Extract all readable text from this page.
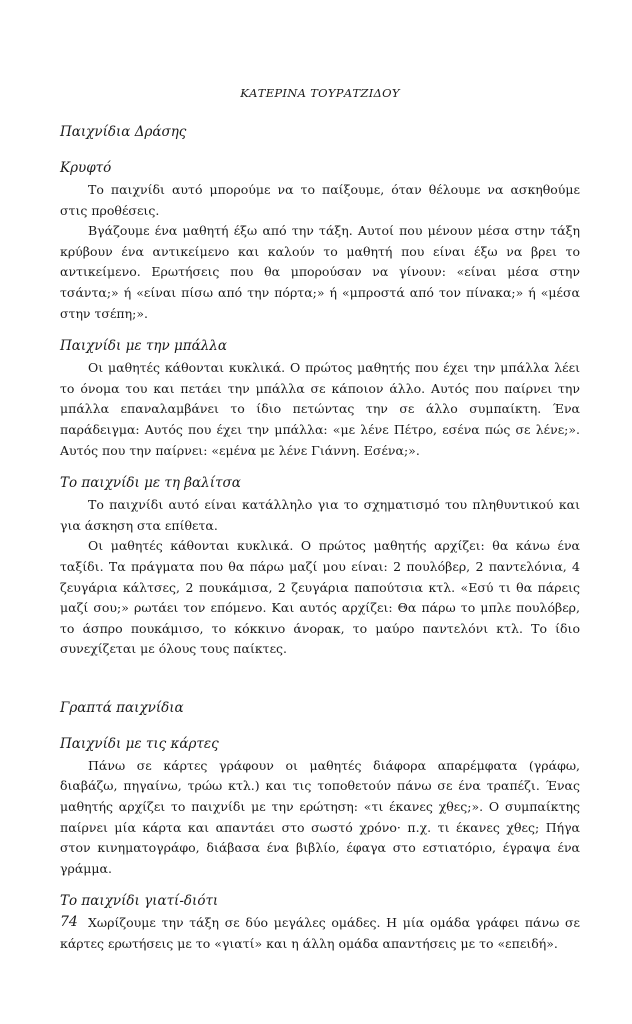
ΚΑΤΕΡΙΝΑ ΤΟΥΡΑΤΖΙΔΟΥ
Παιχνίδια Δράσης
Κρυφτό

Το παιχνίδι αυτό μπορούμε να το παίξουμε, όταν θέλουμε να ασκηθούμε στις προθέσεις.

Βγάζουμε ένα μαθητή έξω από την τάξη. Αυτοί που μένουν μέσα στην τάξη κρύβουν ένα αντικείμενο και καλούν το μαθητή που είναι έξω να βρει το αντικείμενο. Ερωτήσεις που θα μπορούσαν να γίνουν: «είναι μέσα στην τσάντα;» ή «είναι πίσω από την πόρτα;» ή «μπροστά από τον πίνακα;» ή «μέσα στην τσέπη;».

Παιχνίδι με την μπάλλα

Οι μαθητές κάθονται κυκλικά. Ο πρώτος μαθητής που έχει την μπάλλα λέει το όνομα του και πετάει την μπάλλα σε κάποιον άλλο. Αυτός που παίρνει την μπάλλα επαναλαμβάνει το ίδιο πετώντας την σε άλλο συμπαίκτη. Ένα παράδειγμα: Αυτός που έχει την μπάλλα: «με λένε Πέτρο, εσένα πώς σε λένε;». Αυτός που την παίρνει: «εμένα με λένε Γιάννη. Εσένα;».

Το παιχνίδι με τη βαλίτσα

Το παιχνίδι αυτό είναι κατάλληλο για το σχηματισμό του πληθυντικού και για άσκηση στα επίθετα.

Οι μαθητές κάθονται κυκλικά. Ο πρώτος μαθητής αρχίζει: θα κάνω ένα ταξίδι. Τα πράγματα που θα πάρω μαζί μου είναι: 2 πουλόβερ, 2 παντελόνια, 4 ζευγάρια κάλτσες, 2 πουκάμισα, 2 ζευγάρια παπούτσια κτλ. «Εσύ τι θα πάρεις μαζί σου;» ρωτάει τον επόμενο. Και αυτός αρχίζει: Θα πάρω το μπλε πουλόβερ, το άσπρο πουκάμισο, το κόκκινο άνορακ, το μαύρο παντελόνι κτλ. Το ίδιο συνεχίζεται με όλους τους παίκτες.

Γραπτά παιχνίδια
Παιχνίδι με τις κάρτες

Πάνω σε κάρτες γράφουν οι μαθητές διάφορα απαρέμφατα (γράφω, διαβάζω, πηγαίνω, τρώω κτλ.) και τις τοποθετούν πάνω σε ένα τραπέζι. Ένας μαθητής αρχίζει το παιχνίδι με την ερώτηση: «τι έκανες χθες;». Ο συμπαίκτης παίρνει μία κάρτα και απαντάει στο σωστό χρόνο· π.χ. τι έκανες χθες; Πήγα στον κινηματογράφο, διάβασα ένα βιβλίο, έφαγα στο εστιατόριο, έγραψα ένα γράμμα.

Το παιχνίδι γιατί-διότι

Χωρίζουμε την τάξη σε δύο μεγάλες ομάδες. Η μία ομάδα γράφει πάνω σε κάρτες ερωτήσεις με το «γιατί» και η άλλη ομάδα απαντήσεις με το «επειδή».

74
